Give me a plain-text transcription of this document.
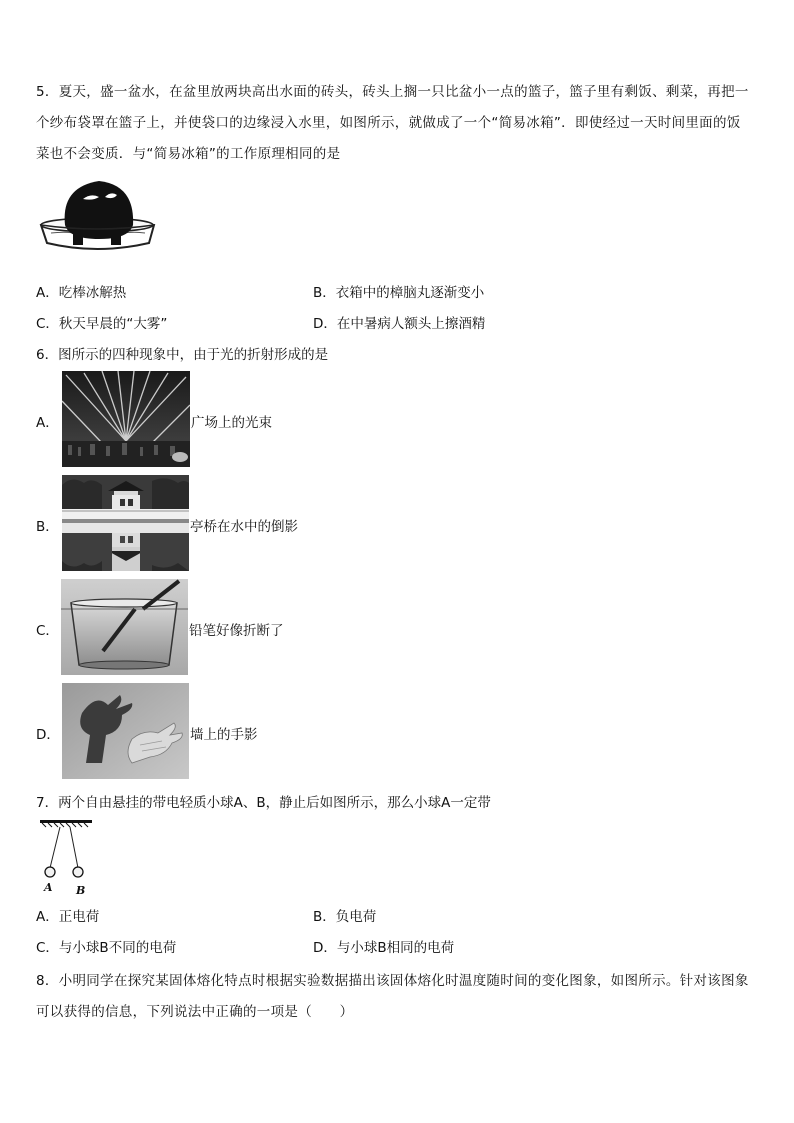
5．夏天，盛一盆水，在盆里放两块高出水面的砖头，砖头上搁一只比盆小一点的篮子，篮子里有剩饭、剩菜，再把一
个纱布袋罩在篮子上，并使袋口的边缘浸入水里，如图所示，就做成了一个“简易冰箱”．即使经过一天时间里面的饭
菜也不会变质．与“简易冰箱”的工作原理相同的是
A．吃棒冰解热	B．衣箱中的樟脑丸逐渐变小
C．秋天早晨的“大雾”	D．在中暑病人额头上擦酒精
6．图所示的四种现象中，由于光的折射形成的是
A．	广场上的光束
B．	亭桥在水中的倒影
C．	铅笔好像折断了
D．	墙上的手影
7．两个自由悬挂的带电轻质小球A、B，静止后如图所示，那么小球A一定带
A B
A．正电荷	B．负电荷
C．与小球B不同的电荷	D．与小球B相同的电荷
8．小明同学在探究某固体熔化特点时根据实验数据描出该固体熔化时温度随时间的变化图象，如图所示。针对该图象
可以获得的信息，下列说法中正确的一项是（　　）
